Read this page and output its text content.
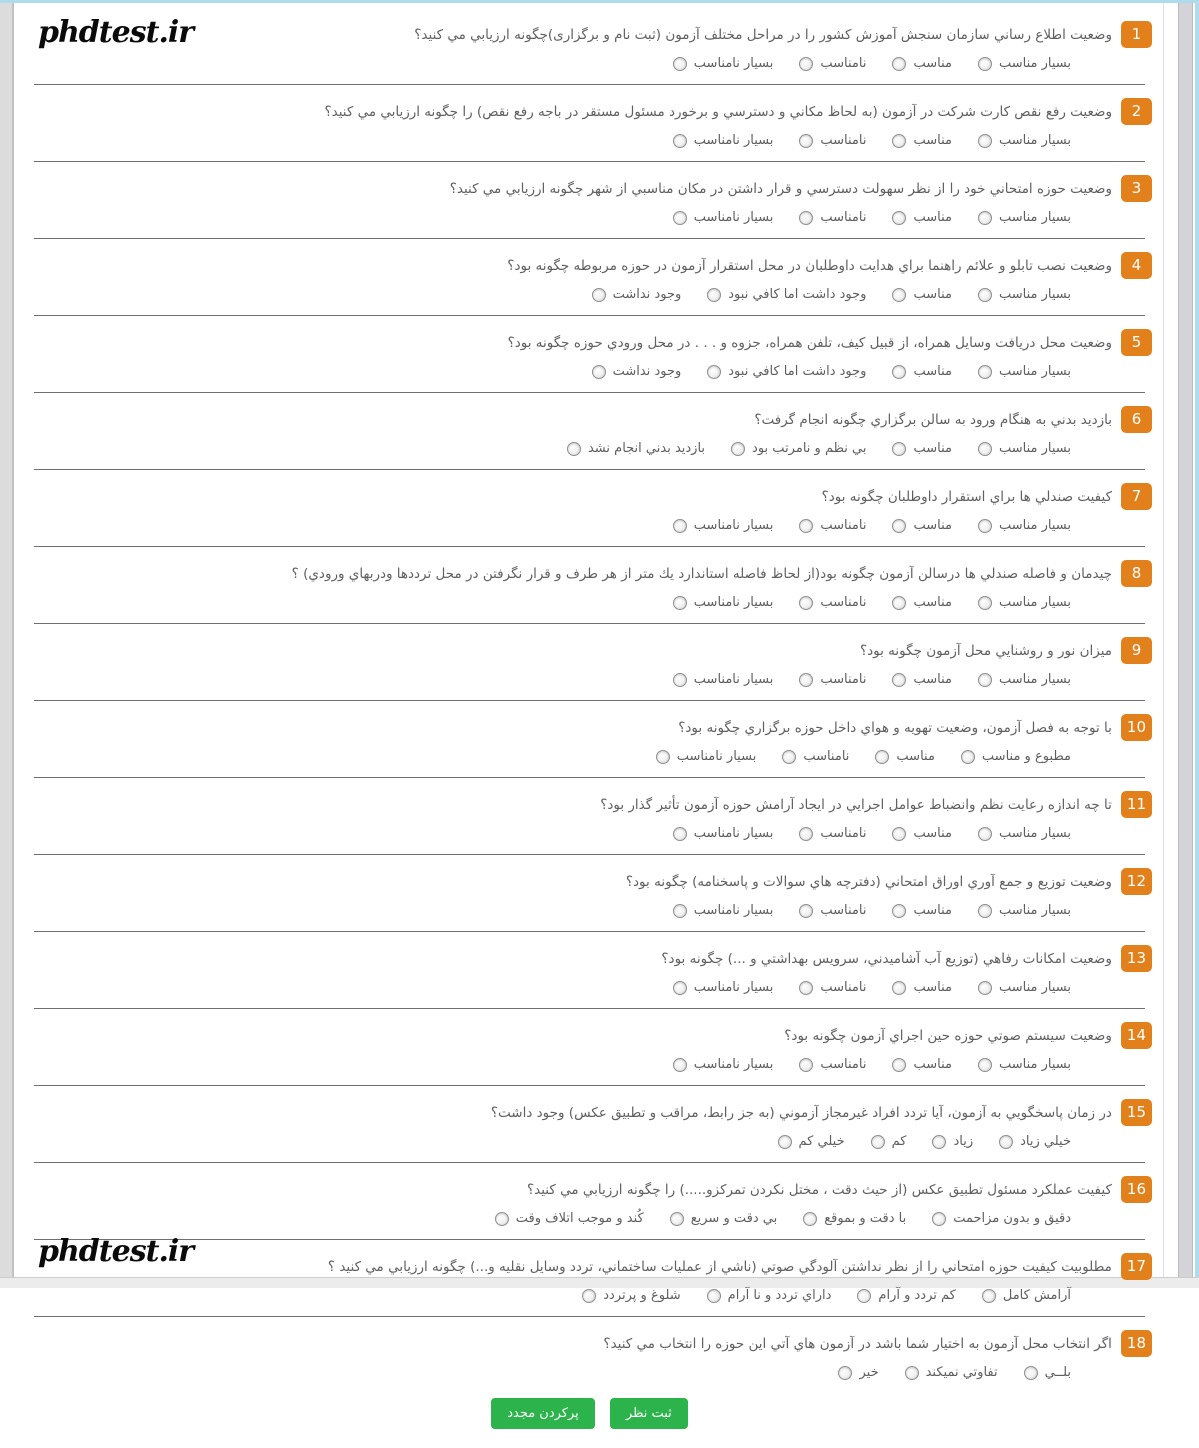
phdtest.ir	1وضعيت اطلاع رساني سازمان سنجش آموزش كشور را در مراحل مختلف آزمون (ثبت نام و برگزاری)چگونه ارزيابي مي كنيد؟
بسيار مناسبمناسبنامناسببسيار نامناسب
2وضعيت رفع نقص كارت شركت در آزمون (به لحاظ مكاني و دسترسي و برخورد مسئول مستقر در باجه رفع نقص) را چگونه ارزيابي مي كنيد؟
بسيار مناسبمناسبنامناسببسيار نامناسب
3وضعيت حوزه امتحاني خود را از نظر سهولت دسترسي و قرار داشتن در مكان مناسبي از شهر چگونه ارزيابي مي كنيد؟
بسيار مناسبمناسبنامناسببسيار نامناسب
4وضعيت نصب تابلو و علائم راهنما براي هدايت داوطلبان در محل استقرار آزمون در حوزه مربوطه چگونه بود؟
بسيار مناسبمناسبوجود داشت اما كافي نبودوجود نداشت
5وضعيت محل دريافت وسايل همراه، از قبيل كيف، تلفن همراه، جزوه و . . . در محل ورودي حوزه چگونه بود؟
بسيار مناسبمناسبوجود داشت اما كافي نبودوجود نداشت
6بازديد بدني به هنگام ورود به سالن برگزاري چگونه انجام گرفت؟
بسيار مناسبمناسببي نظم و نامرتب بودبازديد بدني انجام نشد
7كيفيت صندلي ها براي استقرار داوطلبان چگونه بود؟
بسيار مناسبمناسبنامناسببسيار نامناسب
8چيدمان و فاصله صندلي ها درسالن آزمون چگونه بود(از لحاظ فاصله استاندارد يك متر از هر طرف و قرار نگرفتن در محل ترددها ودربهاي ورودي) ؟
بسيار مناسبمناسبنامناسببسيار نامناسب
9ميزان نور و روشنايي محل آزمون چگونه بود؟
بسيار مناسبمناسبنامناسببسيار نامناسب
10با توجه به فصل آزمون، وضعيت تهويه و هواي داخل حوزه برگزاري چگونه بود؟
مطبوع و مناسبمناسبنامناسببسيار نامناسب
11تا چه اندازه رعايت نظم وانضباط عوامل اجرايي در ايجاد آرامش حوزه آزمون تأثير گذار بود؟
بسيار مناسبمناسبنامناسببسيار نامناسب
12وضعيت توزيع و جمع آوري اوراق امتحاني (دفترچه هاي سوالات و پاسخنامه) چگونه بود؟
بسيار مناسبمناسبنامناسببسيار نامناسب
13وضعيت امكانات رفاهي (توزيع آب آشاميدني، سرويس بهداشتي و ...) چگونه بود؟
بسيار مناسبمناسبنامناسببسيار نامناسب
14وضعيت سيستم صوتي حوزه حين اجراي آزمون چگونه بود؟
بسيار مناسبمناسبنامناسببسيار نامناسب
15در زمان پاسخگويي به آزمون، آيا تردد افراد غيرمجاز آزموني (به جز رابط، مراقب و تطبيق عكس) وجود داشت؟
خيلي زيادزيادكمخيلي كم
16كيفيت عملكرد مسئول تطبيق عكس (از حيث دقت ، مختل نكردن تمركزو.....) را چگونه ارزيابي مي كنيد؟
دقيق و بدون مزاحمتبا دقت و بموقعبي دقت و سريعكُند و موجب اتلاف وقت
17مطلوبيت كيفيت حوزه امتحاني را از نظر نداشتن آلودگي صوتي (ناشي از عمليات ساختماني، تردد وسايل نقليه و...) چگونه ارزيابي مي كنيد ؟
آرامش كاملكم تردد و آرامداراي تردد و نا آرامشلوغ و پرتردد
18اگر انتخاب محل آزمون به اختيار شما باشد در آزمون هاي آتي اين حوزه را انتخاب مي كنيد؟
بلــيتفاوتي نميكندخير
ثبت نظر پركردن مجدد
phdtest.ir
